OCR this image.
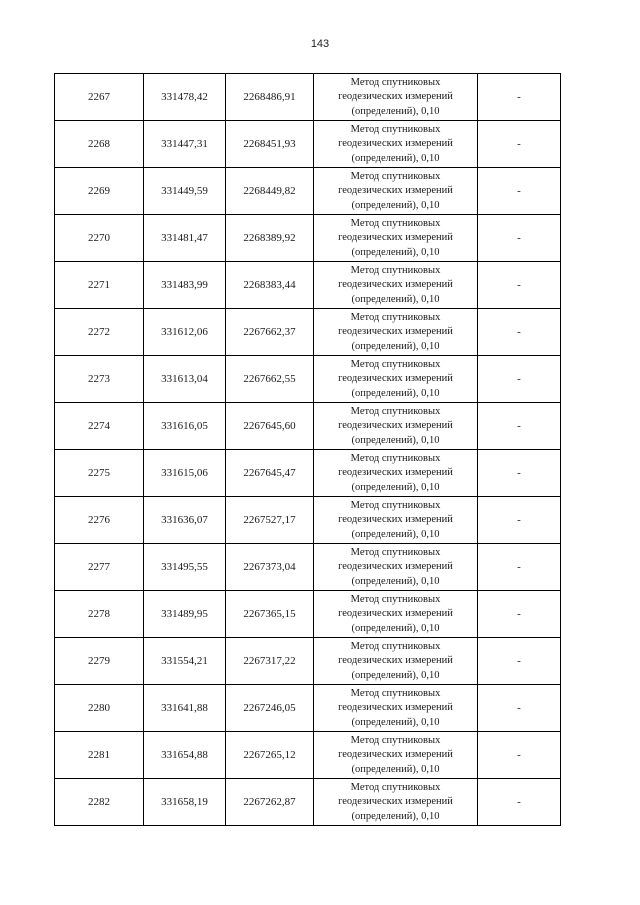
143
2267	331478,42	2268486,91	Метод спутниковых
геодезических измерений
(определений), 0,10	-
2268	331447,31	2268451,93	Метод спутниковых
геодезических измерений
(определений), 0,10	-
2269	331449,59	2268449,82	Метод спутниковых
геодезических измерений
(определений), 0,10	-
2270	331481,47	2268389,92	Метод спутниковых
геодезических измерений
(определений), 0,10	-
2271	331483,99	2268383,44	Метод спутниковых
геодезических измерений
(определений), 0,10	-
2272	331612,06	2267662,37	Метод спутниковых
геодезических измерений
(определений), 0,10	-
2273	331613,04	2267662,55	Метод спутниковых
геодезических измерений
(определений), 0,10	-
2274	331616,05	2267645,60	Метод спутниковых
геодезических измерений
(определений), 0,10	-
2275	331615,06	2267645,47	Метод спутниковых
геодезических измерений
(определений), 0,10	-
2276	331636,07	2267527,17	Метод спутниковых
геодезических измерений
(определений), 0,10	-
2277	331495,55	2267373,04	Метод спутниковых
геодезических измерений
(определений), 0,10	-
2278	331489,95	2267365,15	Метод спутниковых
геодезических измерений
(определений), 0,10	-
2279	331554,21	2267317,22	Метод спутниковых
геодезических измерений
(определений), 0,10	-
2280	331641,88	2267246,05	Метод спутниковых
геодезических измерений
(определений), 0,10	-
2281	331654,88	2267265,12	Метод спутниковых
геодезических измерений
(определений), 0,10	-
2282	331658,19	2267262,87	Метод спутниковых
геодезических измерений
(определений), 0,10	-
